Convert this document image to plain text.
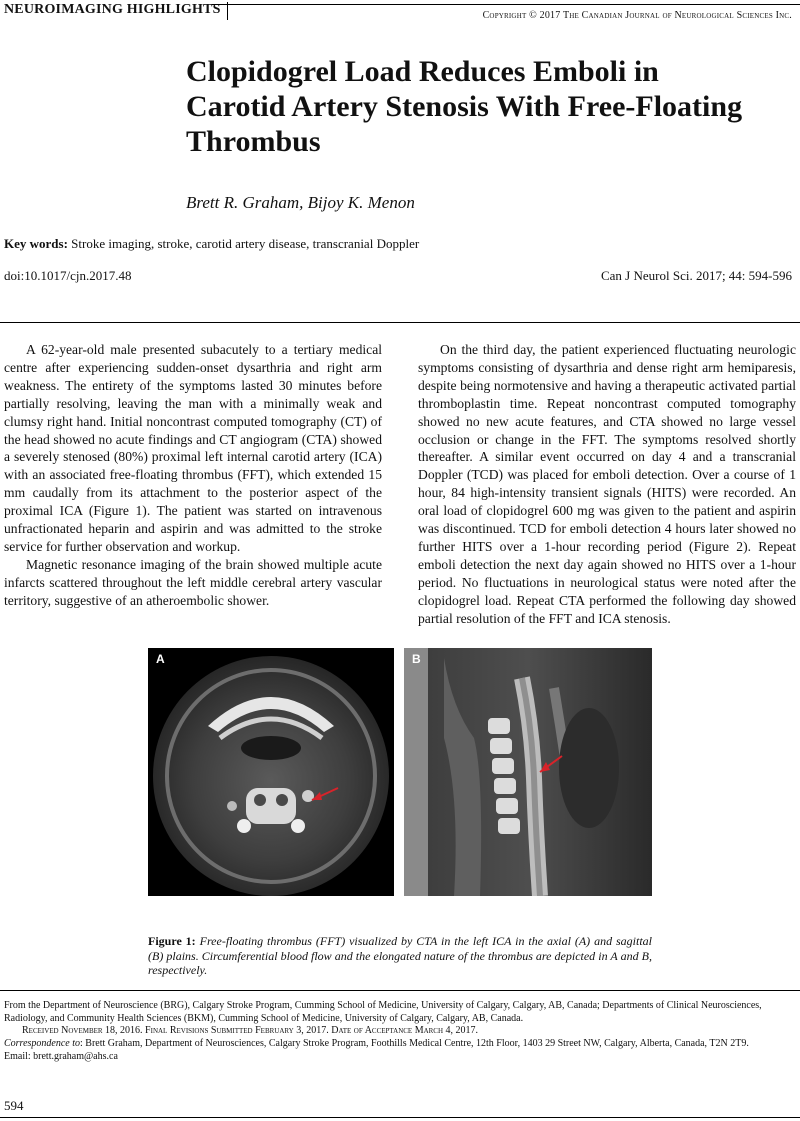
NEUROIMAGING HIGHLIGHTS	Copyright © 2017 The Canadian Journal of Neurological Sciences Inc.
Clopidogrel Load Reduces Emboli in Carotid Artery Stenosis With Free-Floating Thrombus
Brett R. Graham, Bijoy K. Menon
Key words: Stroke imaging, stroke, carotid artery disease, transcranial Doppler
doi:10.1017/cjn.2017.48	Can J Neurol Sci. 2017; 44: 594-596

A 62-year-old male presented subacutely to a tertiary medical centre after experiencing sudden-onset dysarthria and right arm weakness. The entirety of the symptoms lasted 30 minutes before partially resolving, leaving the man with a minimally weak and clumsy right hand. Initial noncontrast computed tomography (CT) of the head showed no acute findings and CT angiogram (CTA) showed a severely stenosed (80%) proximal left internal carotid artery (ICA) with an associated free-floating thrombus (FFT), which extended 15 mm caudally from its attachment to the posterior aspect of the proximal ICA (Figure 1). The patient was started on intravenous unfractionated heparin and aspirin and was admitted to the stroke service for further observation and workup.

Magnetic resonance imaging of the brain showed multiple acute infarcts scattered throughout the left middle cerebral artery vascular territory, suggestive of an atheroembolic shower.

On the third day, the patient experienced fluctuating neurologic symptoms consisting of dysarthria and dense right arm hemiparesis, despite being normotensive and having a therapeutic activated partial thromboplastin time. Repeat noncontrast computed tomography showed no new acute features, and CTA showed no large vessel occlusion or change in the FFT. The symptoms resolved shortly thereafter. A similar event occurred on day 4 and a transcranial Doppler (TCD) was placed for emboli detection. Over a course of 1 hour, 84 high-intensity transient signals (HITS) were recorded. An oral load of clopidogrel 600 mg was given to the patient and aspirin was discontinued. TCD for emboli detection 4 hours later showed no further HITS over a 1-hour recording period (Figure 2). Repeat emboli detection the next day again showed no HITS over a 1-hour period. No fluctuations in neurological status were noted after the clopidogrel load. Repeat CTA performed the following day showed partial resolution of the FFT and ICA stenosis.

A	B
Figure 1: Free-floating thrombus (FFT) visualized by CTA in the left ICA in the axial (A) and sagittal (B) plains. Circumferential blood flow and the elongated nature of the thrombus are depicted in A and B, respectively.
From the Department of Neuroscience (BRG), Calgary Stroke Program, Cumming School of Medicine, University of Calgary, Calgary, AB, Canada; Departments of Clinical Neurosciences, Radiology, and Community Health Sciences (BKM), Cumming School of Medicine, University of Calgary, Calgary, AB, Canada.
Received November 18, 2016. Final Revisions Submitted February 3, 2017. Date of Acceptance March 4, 2017.
Correspondence to: Brett Graham, Department of Neurosciences, Calgary Stroke Program, Foothills Medical Centre, 12th Floor, 1403 29 Street NW, Calgary, Alberta, Canada, T2N 2T9.
Email: brett.graham@ahs.ca
594
